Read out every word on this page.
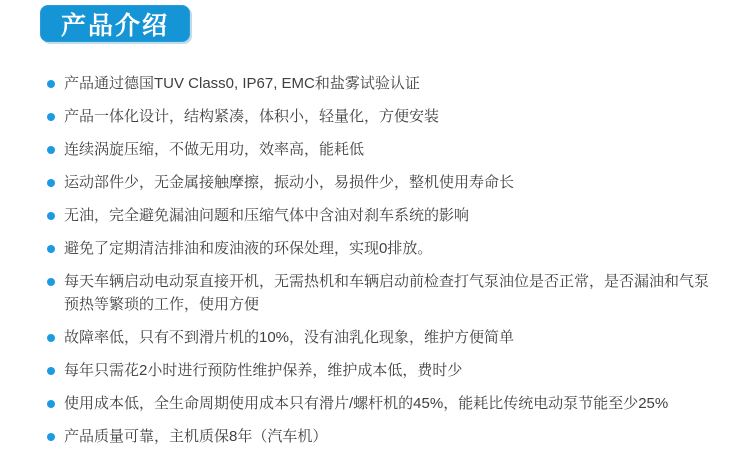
产品介绍
产品通过德国TUV Class0, IP67, EMC和盐雾试验认证
产品一体化设计，结构紧凑，体积小，轻量化，方便安装
连续涡旋压缩，不做无用功，效率高，能耗低
运动部件少，无金属接触摩擦，振动小，易损件少，整机使用寿命长
无油，完全避免漏油问题和压缩气体中含油对刹车系统的影响
避免了定期清洁排油和废油液的环保处理，实现0排放。
每天车辆启动电动泵直接开机，无需热机和车辆启动前检查打气泵油位是否正常，是否漏油和气泵预热等繁琐的工作，使用方便
故障率低，只有不到滑片机的10%，没有油乳化现象，维护方便简单
每年只需花2小时进行预防性维护保养，维护成本低，费时少
使用成本低，全生命周期使用成本只有滑片/螺杆机的45%，能耗比传统电动泵节能至少25%
产品质量可靠，主机质保8年（汽车机）
